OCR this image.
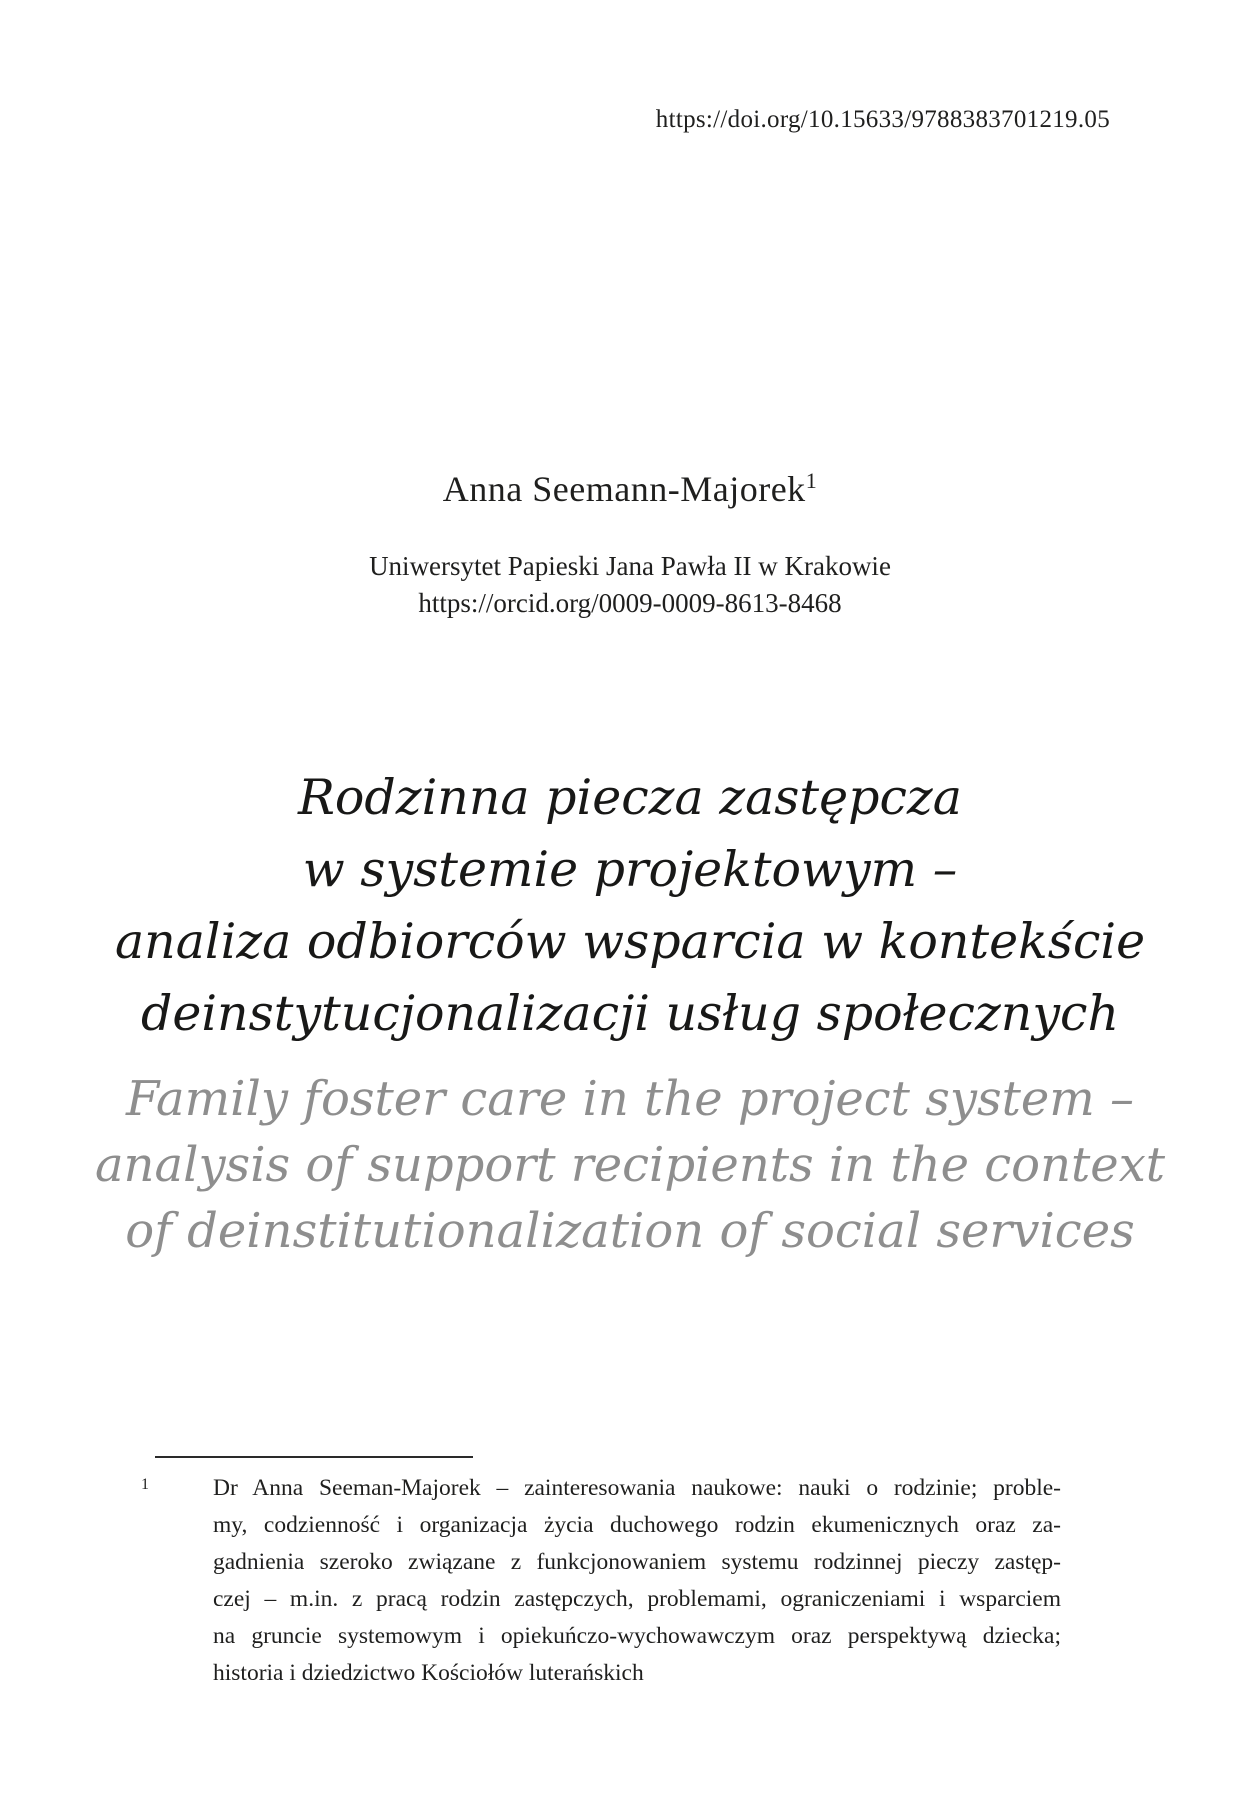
https://doi.org/10.15633/9788383701219.05
Anna Seemann-Majorek$^1$
Uniwersytet Papieski Jana Pawła II w Krakowie
https://orcid.org/0009-0009-8613-8468
Rodzinna piecza zastępcza
w systemie projektowym –
analiza odbiorców wsparcia w kontekście
deinstytucjonalizacji usług społecznych
Family foster care in the project system –
analysis of support recipients in the context
of deinstitutionalization of social services
1	Dr Anna Seeman-Majorek – zainteresowania naukowe: nauki o rodzinie; proble-
my, codzienność i organizacja życia duchowego rodzin ekumenicznych oraz za-
gadnienia szeroko związane z funkcjonowaniem systemu rodzinnej pieczy zastęp-
czej – m.in. z pracą rodzin zastępczych, problemami, ograniczeniami i wsparciem
na gruncie systemowym i opiekuńczo-wychowawczym oraz perspektywą dziecka;
historia i dziedzictwo Kościołów luterańskich
